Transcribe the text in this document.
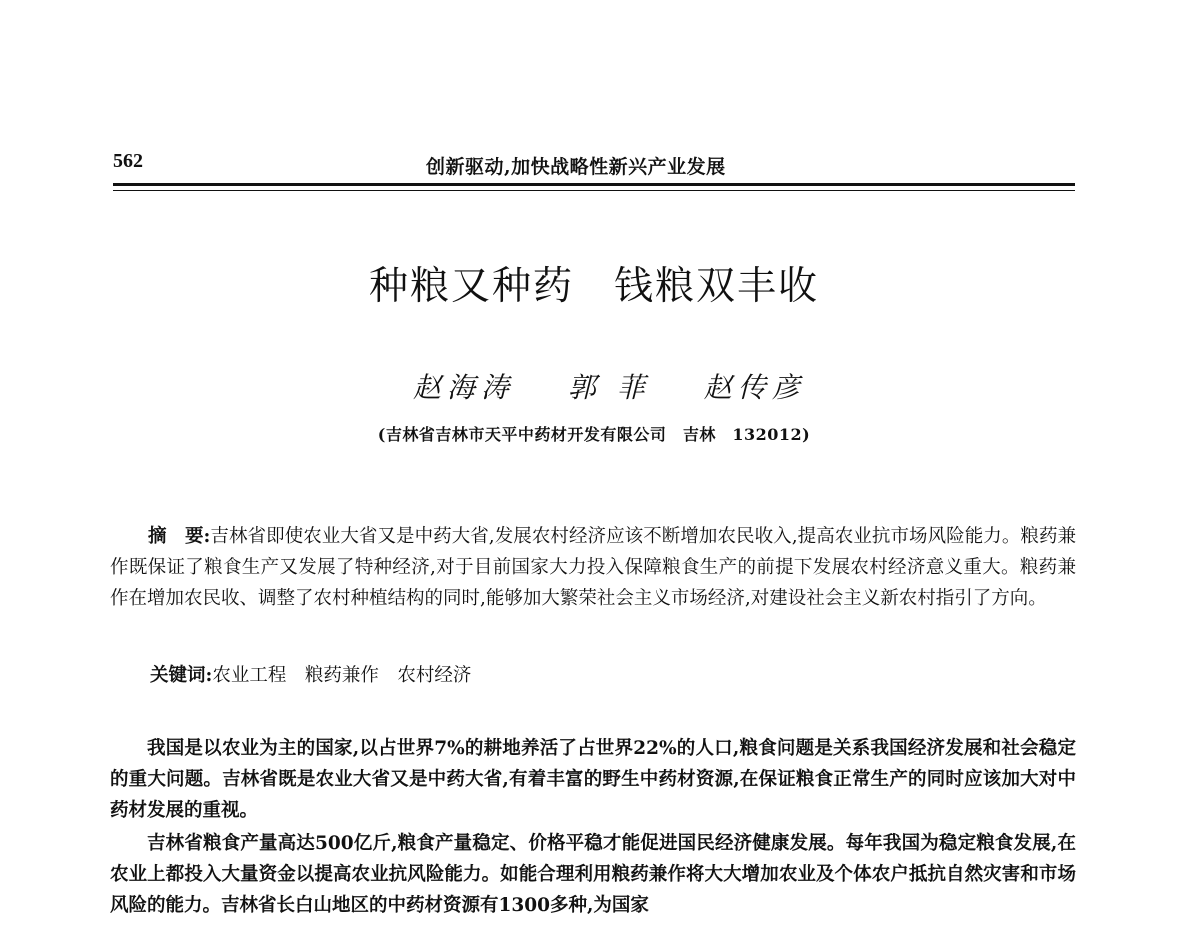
562	创新驱动,加快战略性新兴产业发展
种粮又种药 钱粮双丰收
赵海涛 郭 菲 赵传彦
(吉林省吉林市天平中药材开发有限公司　吉林　132012)
摘　要:吉林省即使农业大省又是中药大省,发展农村经济应该不断增加农民收入,提高农业抗市场风险能力。粮药兼作既保证了粮食生产又发展了特种经济,对于目前国家大力投入保障粮食生产的前提下发展农村经济意义重大。粮药兼作在增加农民收、调整了农村种植结构的同时,能够加大繁荣社会主义市场经济,对建设社会主义新农村指引了方向。
关键词:农业工程　粮药兼作　农村经济

我国是以农业为主的国家,以占世界7%的耕地养活了占世界22%的人口,粮食问题是关系我国经济发展和社会稳定的重大问题。吉林省既是农业大省又是中药大省,有着丰富的野生中药材资源,在保证粮食正常生产的同时应该加大对中药材发展的重视。

吉林省粮食产量高达500亿斤,粮食产量稳定、价格平稳才能促进国民经济健康发展。每年我国为稳定粮食发展,在农业上都投入大量资金以提高农业抗风险能力。如能合理利用粮药兼作将大大增加农业及个体农户抵抗自然灾害和市场风险的能力。吉林省长白山地区的中药材资源有1300多种,为国家
